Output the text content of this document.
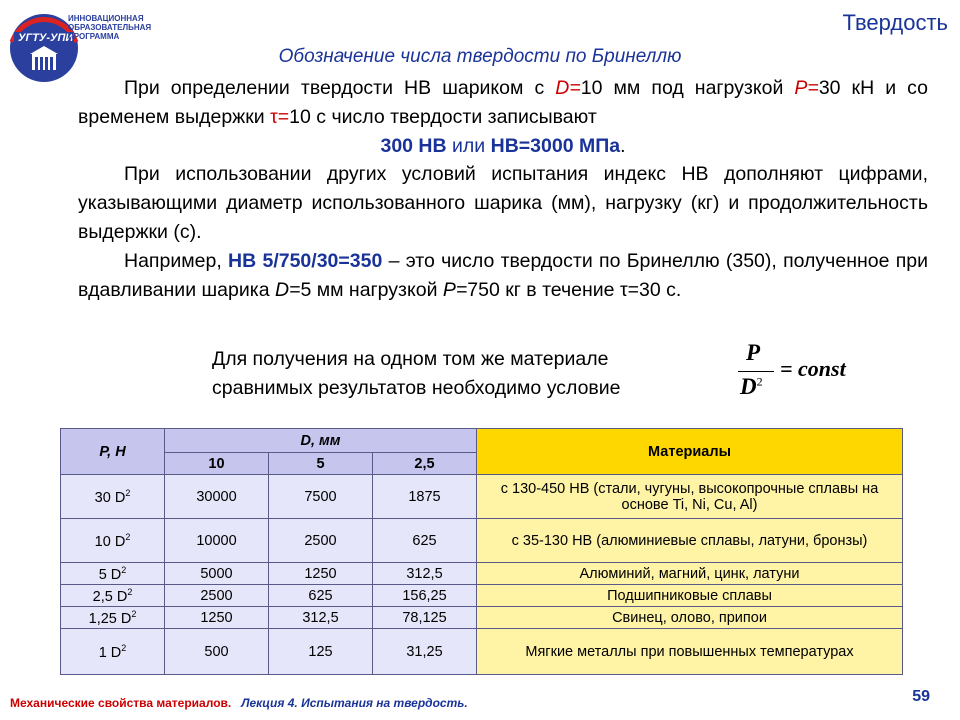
УГТУ-УПИ
ИННОВАЦИОННАЯ
ОБРАЗОВАТЕЛЬНАЯ
ПРОГРАММА
Твердость
Обозначение числа твердости по Бринеллю
При определении твердости НВ шариком с D=10 мм под нагрузкой P=30 кН и со временем выдержки τ=10 с число твердости записывают
300 НВ или НВ=3000 МПа.
При использовании других условий испытания индекс НВ дополняют цифрами, указывающими диаметр использованного шарика (мм), нагрузку (кг) и продолжительность выдержки (с).
Например, НВ 5/750/30=350 – это число твердости по Бринеллю (350), полученное при вдавливании шарика D=5 мм нагрузкой P=750 кг в течение τ=30 с.
Для получения на одном том же материале
сравнимых результатов необходимо условие
P
$D^2$
= const
P, H	D, мм			Материалы
	10	5	2,5	
30 $D^2$	30000	7500	1875	с 130-450 НВ (стали, чугуны, высокопрочные сплавы на основе Ti, Ni, Cu, Al)
10 $D^2$	10000	2500	625	с 35-130 НВ (алюминиевые сплавы, латуни, бронзы)
5 $D^2$	5000	1250	312,5	Алюминий, магний, цинк, латуни
2,5 $D^2$	2500	625	156,25	Подшипниковые сплавы
1,25 $D^2$	1250	312,5	78,125	Свинец, олово, припои
1 $D^2$	500	125	31,25	Мягкие металлы при повышенных температурах
Механические свойства материалов. Лекция 4. Испытания на твердость.	59
